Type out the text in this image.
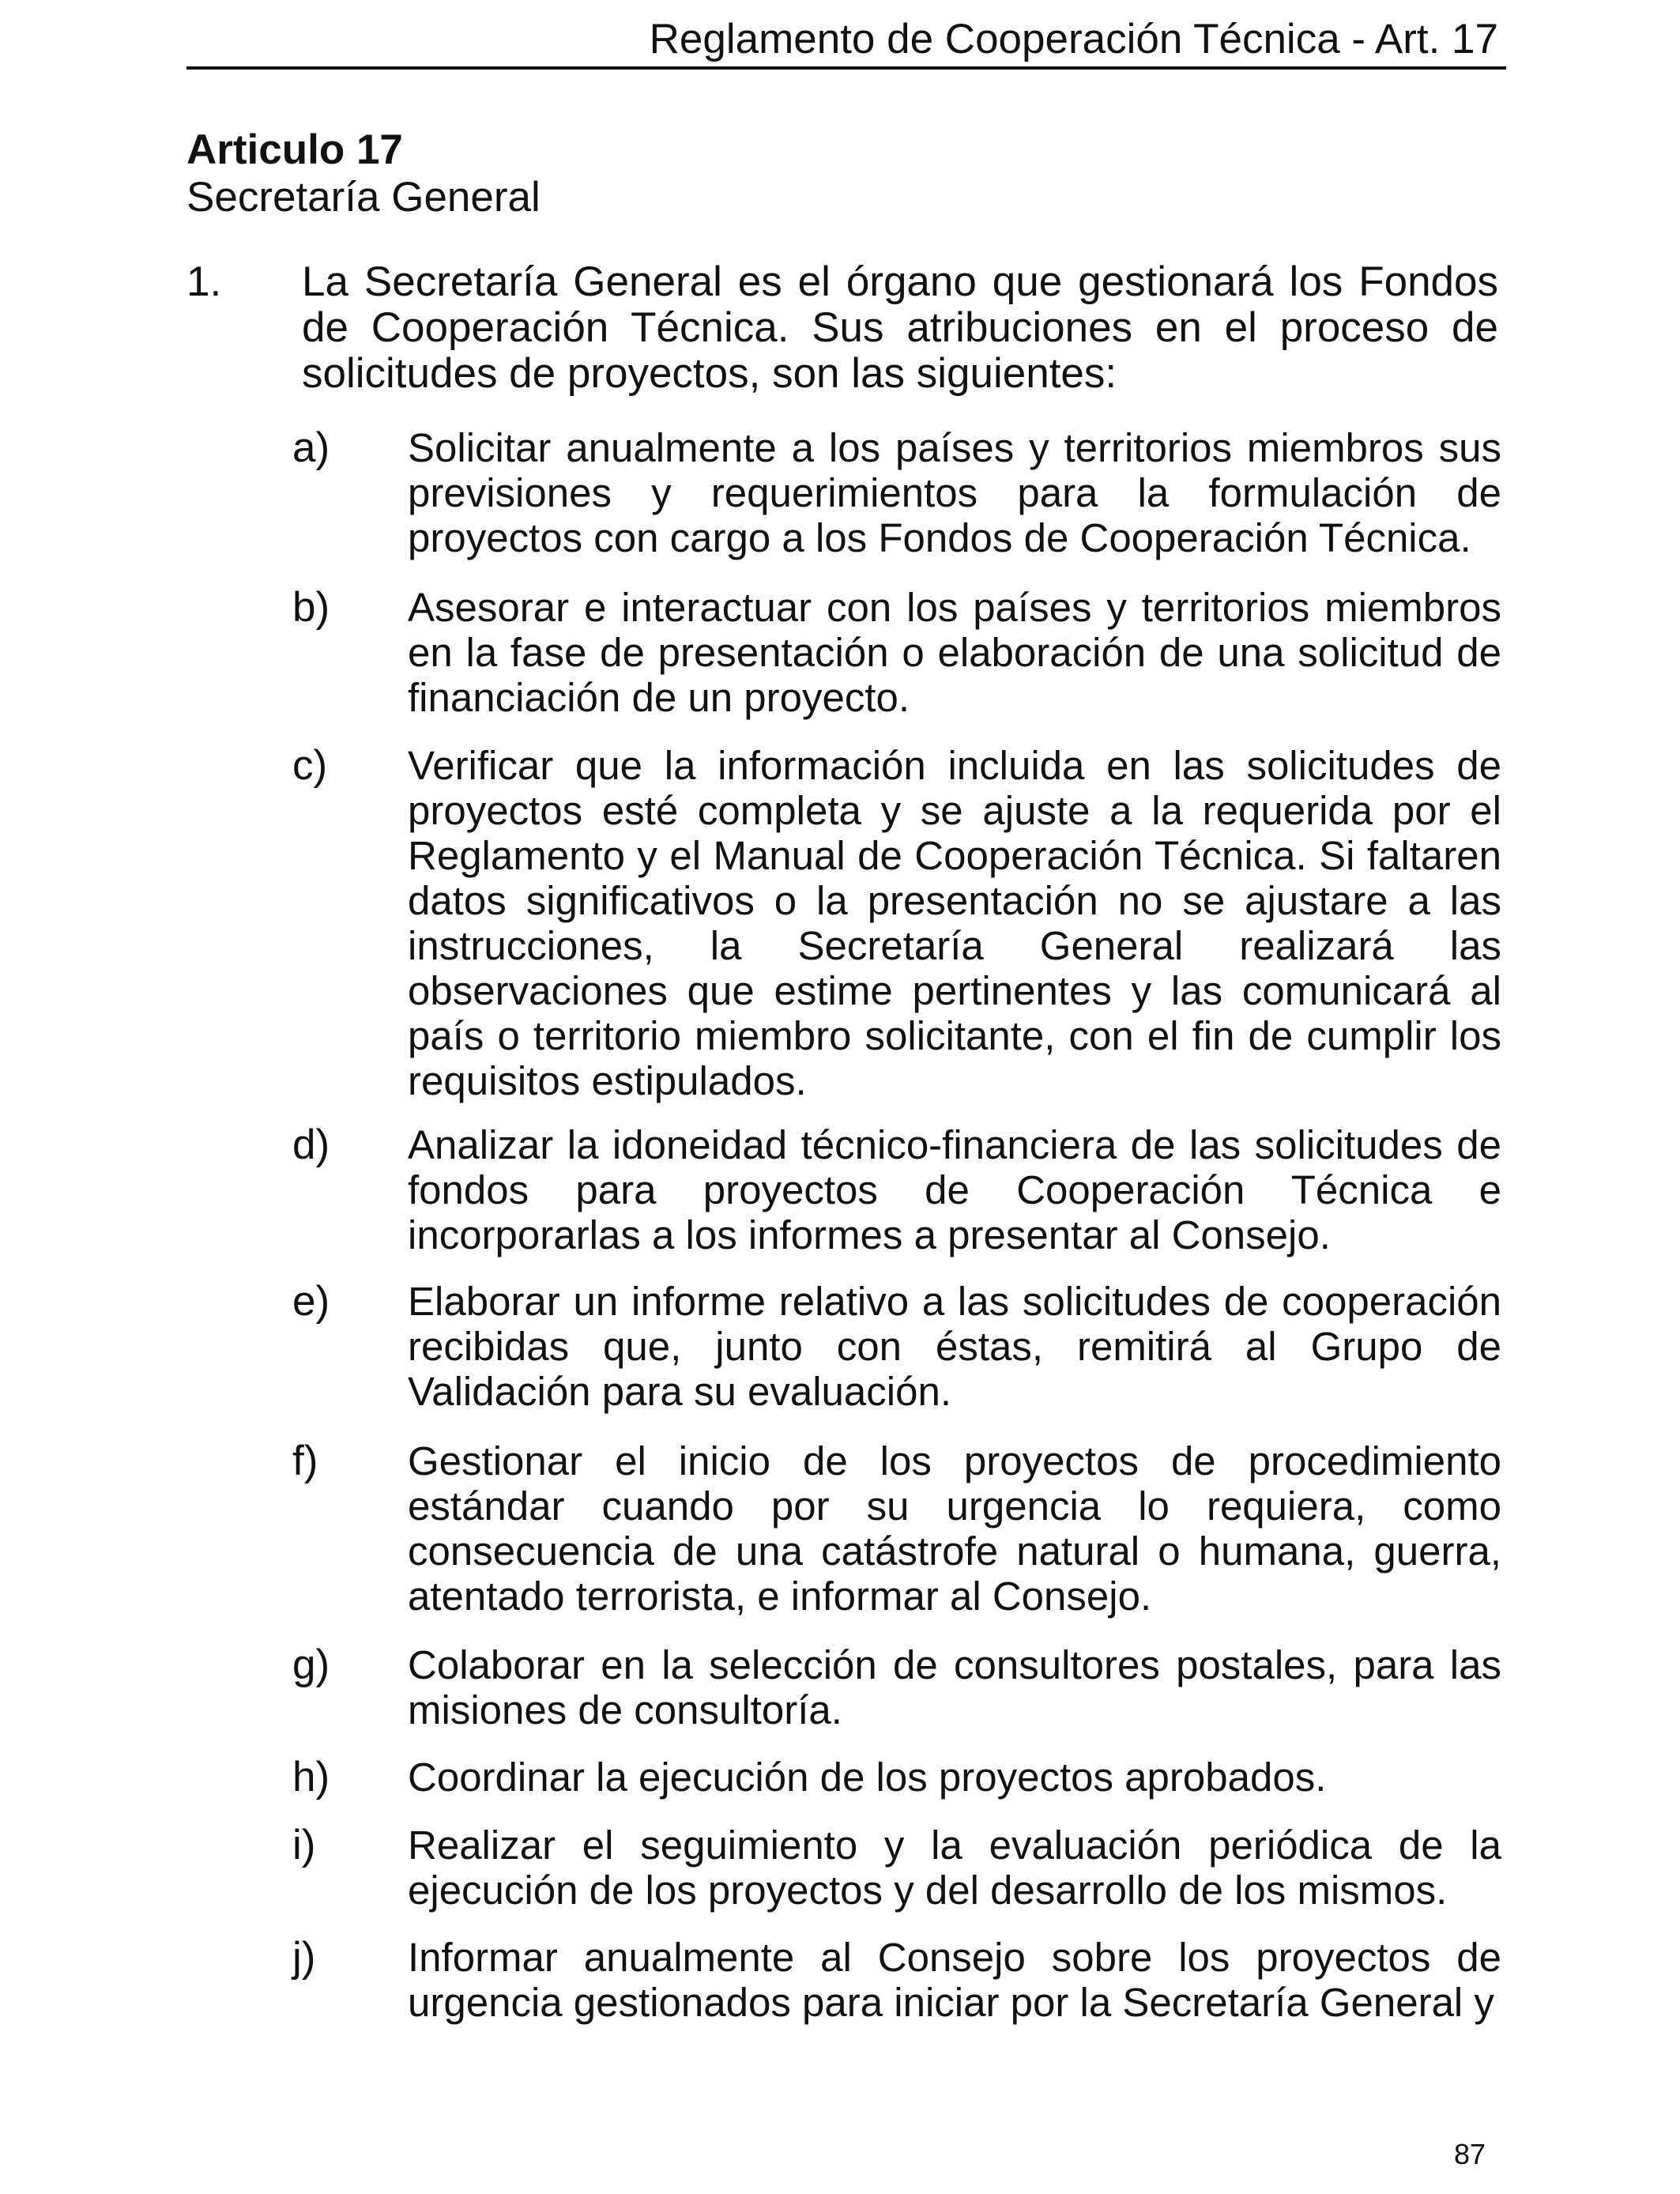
Reglamento de Cooperación Técnica - Art. 17
Articulo 17
Secretaría General
1. La Secretaría General es el órgano que gestionará los Fondos de Cooperación Técnica. Sus atribuciones en el proceso de solicitudes de proyectos, son las siguientes:
a) Solicitar anualmente a los países y territorios miembros sus previsiones y requerimientos para la formulación de proyectos con cargo a los Fondos de Cooperación Técnica.
b) Asesorar e interactuar con los países y territorios miembros en la fase de presentación o elaboración de una solicitud de financiación de un proyecto.
c) Verificar que la información incluida en las solicitudes de proyectos esté completa y se ajuste a la requerida por el Reglamento y el Manual de Cooperación Técnica. Si faltaren datos significativos o la presentación no se ajustare a las instrucciones, la Secretaría General realizará las observaciones que estime pertinentes y las comunicará al país o territorio miembro solicitante, con el fin de cumplir los requisitos estipulados.
d) Analizar la idoneidad técnico-financiera de las solicitudes de fondos para proyectos de Cooperación Técnica e incorporarlas a los informes a presentar al Consejo.
e) Elaborar un informe relativo a las solicitudes de cooperación recibidas que, junto con éstas, remitirá al Grupo de Validación para su evaluación.
f) Gestionar el inicio de los proyectos de procedimiento estándar cuando por su urgencia lo requiera, como consecuencia de una catástrofe natural o humana, guerra, atentado terrorista, e informar al Consejo.
g) Colaborar en la selección de consultores postales, para las misiones de consultoría.
h) Coordinar la ejecución de los proyectos aprobados.
i) Realizar el seguimiento y la evaluación periódica de la ejecución de los proyectos y del desarrollo de los mismos.
j) Informar anualmente al Consejo sobre los proyectos de urgencia gestionados para iniciar por la Secretaría General y
87
